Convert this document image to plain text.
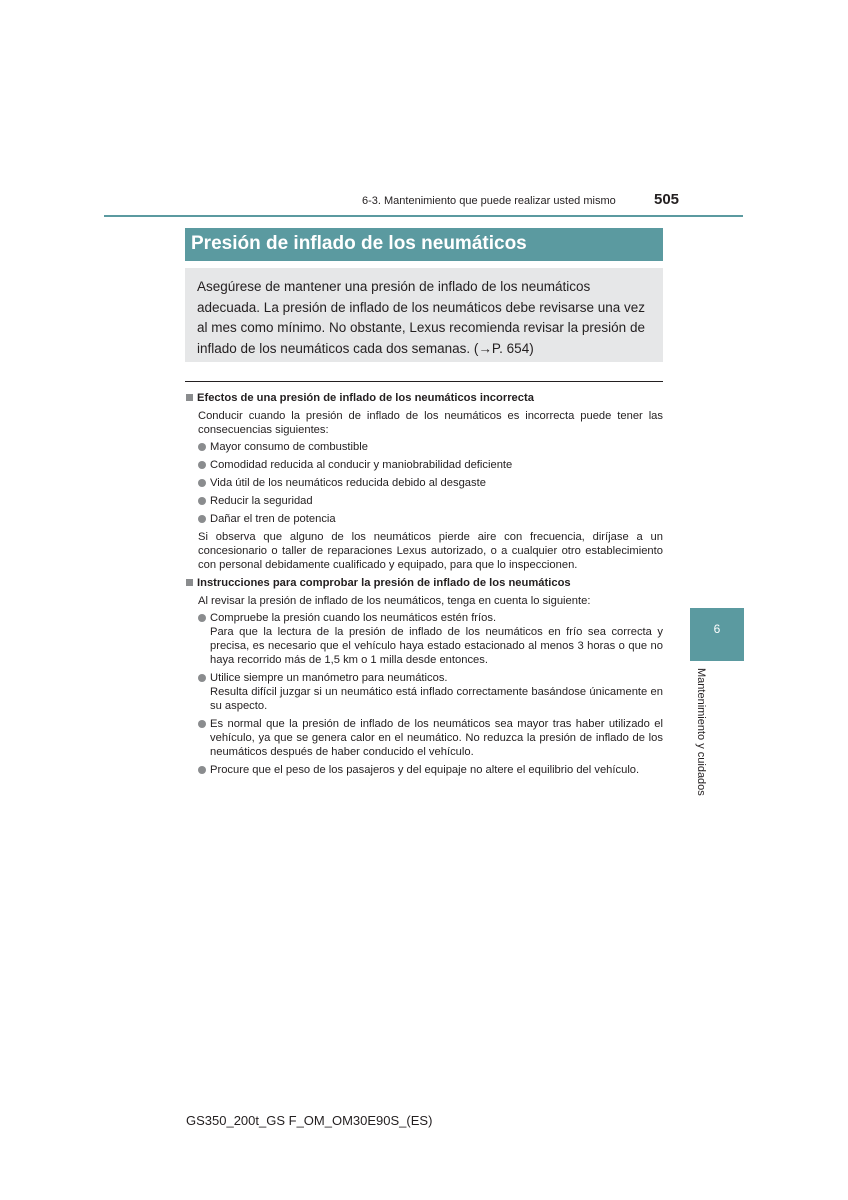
6-3. Mantenimiento que puede realizar usted mismo	505
Presión de inflado de los neumáticos
Asegúrese de mantener una presión de inflado de los neumáticos adecuada. La presión de inflado de los neumáticos debe revisarse una vez al mes como mínimo. No obstante, Lexus recomienda revisar la presión de inflado de los neumáticos cada dos semanas. (→P. 654)
Efectos de una presión de inflado de los neumáticos incorrecta
Conducir cuando la presión de inflado de los neumáticos es incorrecta puede tener las consecuencias siguientes:
Mayor consumo de combustible
Comodidad reducida al conducir y maniobrabilidad deficiente
Vida útil de los neumáticos reducida debido al desgaste
Reducir la seguridad
Dañar el tren de potencia
Si observa que alguno de los neumáticos pierde aire con frecuencia, diríjase a un concesionario o taller de reparaciones Lexus autorizado, o a cualquier otro establecimiento con personal debidamente cualificado y equipado, para que lo inspeccionen.
Instrucciones para comprobar la presión de inflado de los neumáticos
Al revisar la presión de inflado de los neumáticos, tenga en cuenta lo siguiente:
Compruebe la presión cuando los neumáticos estén fríos.
Para que la lectura de la presión de inflado de los neumáticos en frío sea correcta y precisa, es necesario que el vehículo haya estado estacionado al menos 3 horas o que no haya recorrido más de 1,5 km o 1 milla desde entonces.
Utilice siempre un manómetro para neumáticos.
Resulta difícil juzgar si un neumático está inflado correctamente basándose únicamente en su aspecto.
Es normal que la presión de inflado de los neumáticos sea mayor tras haber utilizado el vehículo, ya que se genera calor en el neumático. No reduzca la presión de inflado de los neumáticos después de haber conducido el vehículo.
Procure que el peso de los pasajeros y del equipaje no altere el equilibrio del vehículo.
6
Mantenimiento y cuidados
GS350_200t_GS F_OM_OM30E90S_(ES)
